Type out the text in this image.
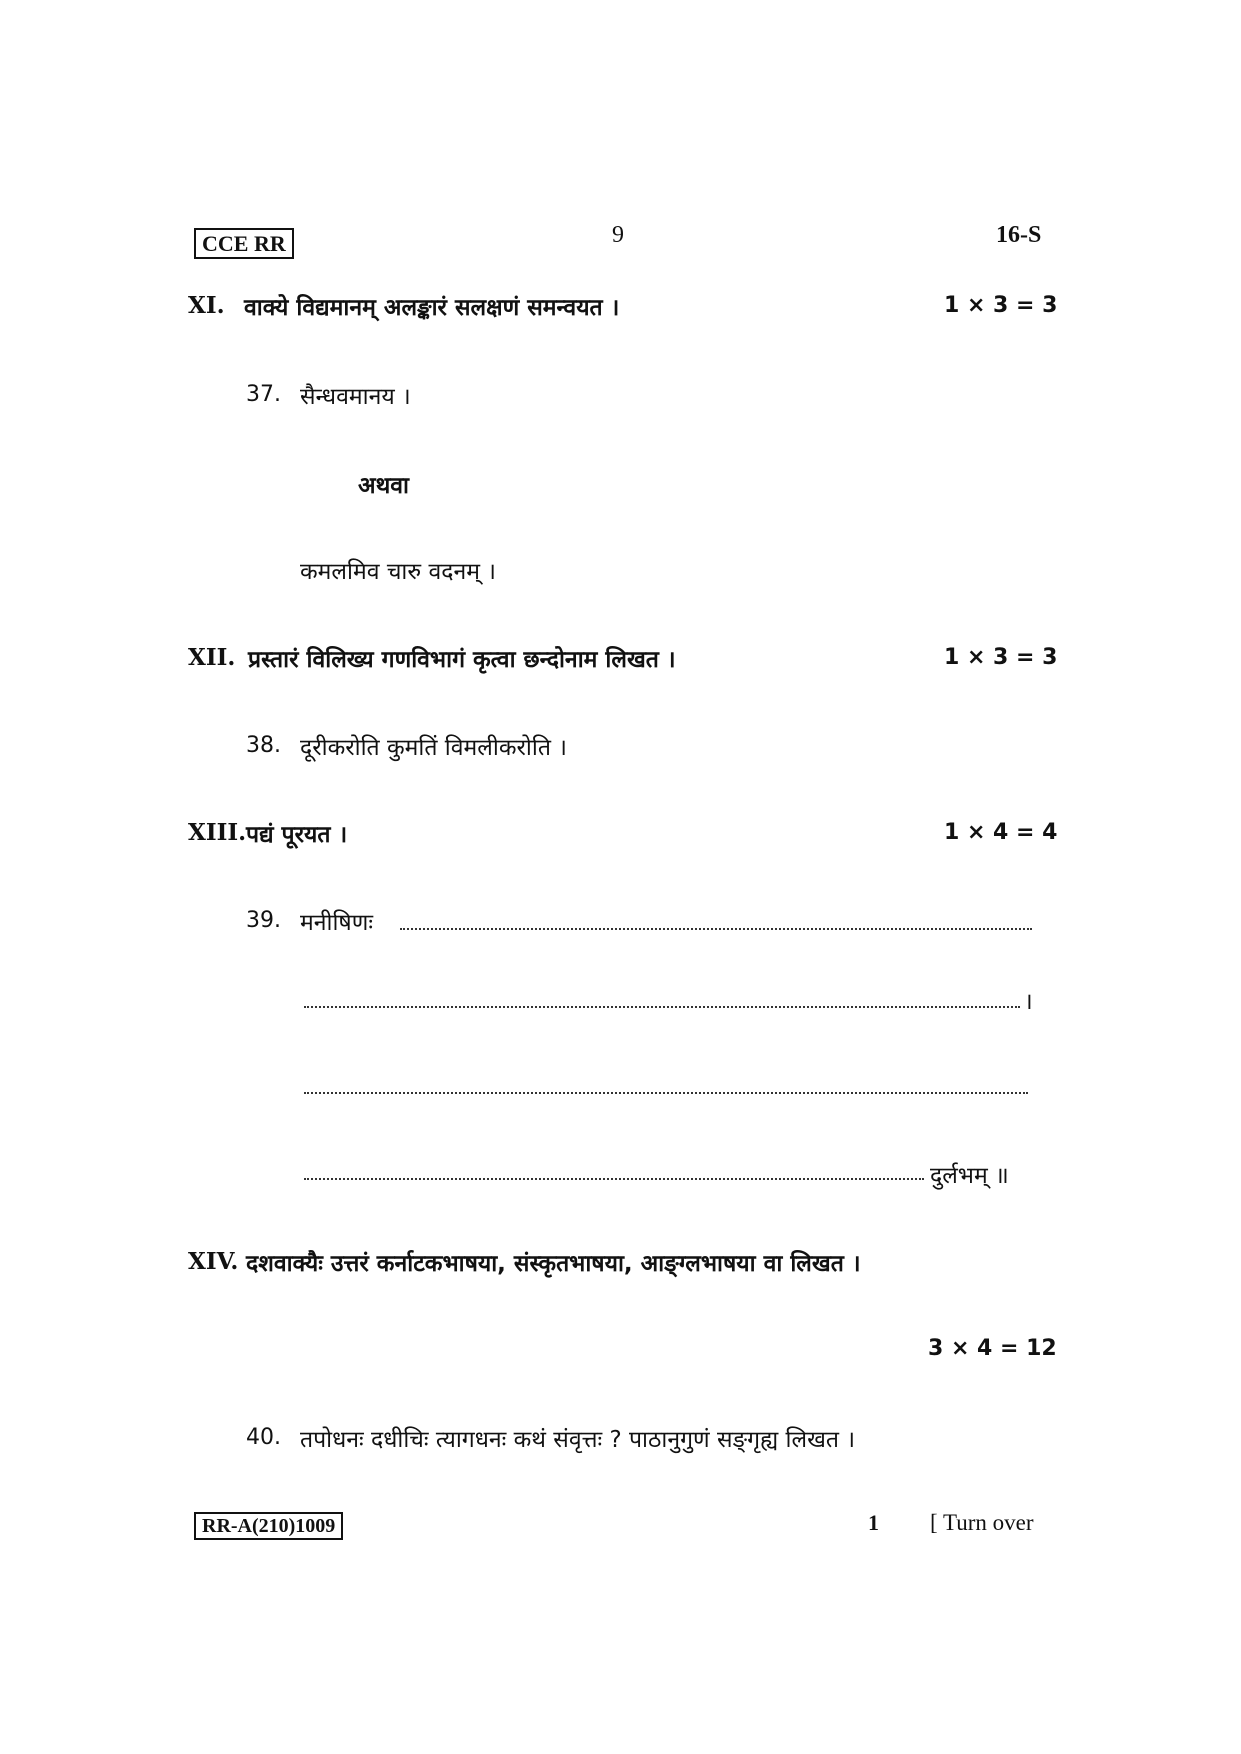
CCE RR	9	16-S
XI. वाक्ये विद्यमानम् अलङ्कारं सलक्षणं समन्वयत ।	1 × 3 = 3
37. सैन्धवमानय ।
अथवा
कमलमिव चारु वदनम् ।
XII. प्रस्तारं विलिख्य गणविभागं कृत्वा छन्दोनाम लिखत ।	1 × 3 = 3
38. दूरीकरोति कुमतिं विमलीकरोति ।
XIII. पद्यं पूरयत ।	1 × 4 = 4
39. मनीषिणः
।
दुर्लभम् ॥
XIV. दशवाक्यैः उत्तरं कर्नाटकभाषया, संस्कृतभाषया, आङ्ग्लभाषया वा लिखत ।
3 × 4 = 12
40. तपोधनः दधीचिः त्यागधनः कथं संवृत्तः ? पाठानुगुणं सङ्गृह्य लिखत ।
RR-A(210)1009	1 [ Turn over
